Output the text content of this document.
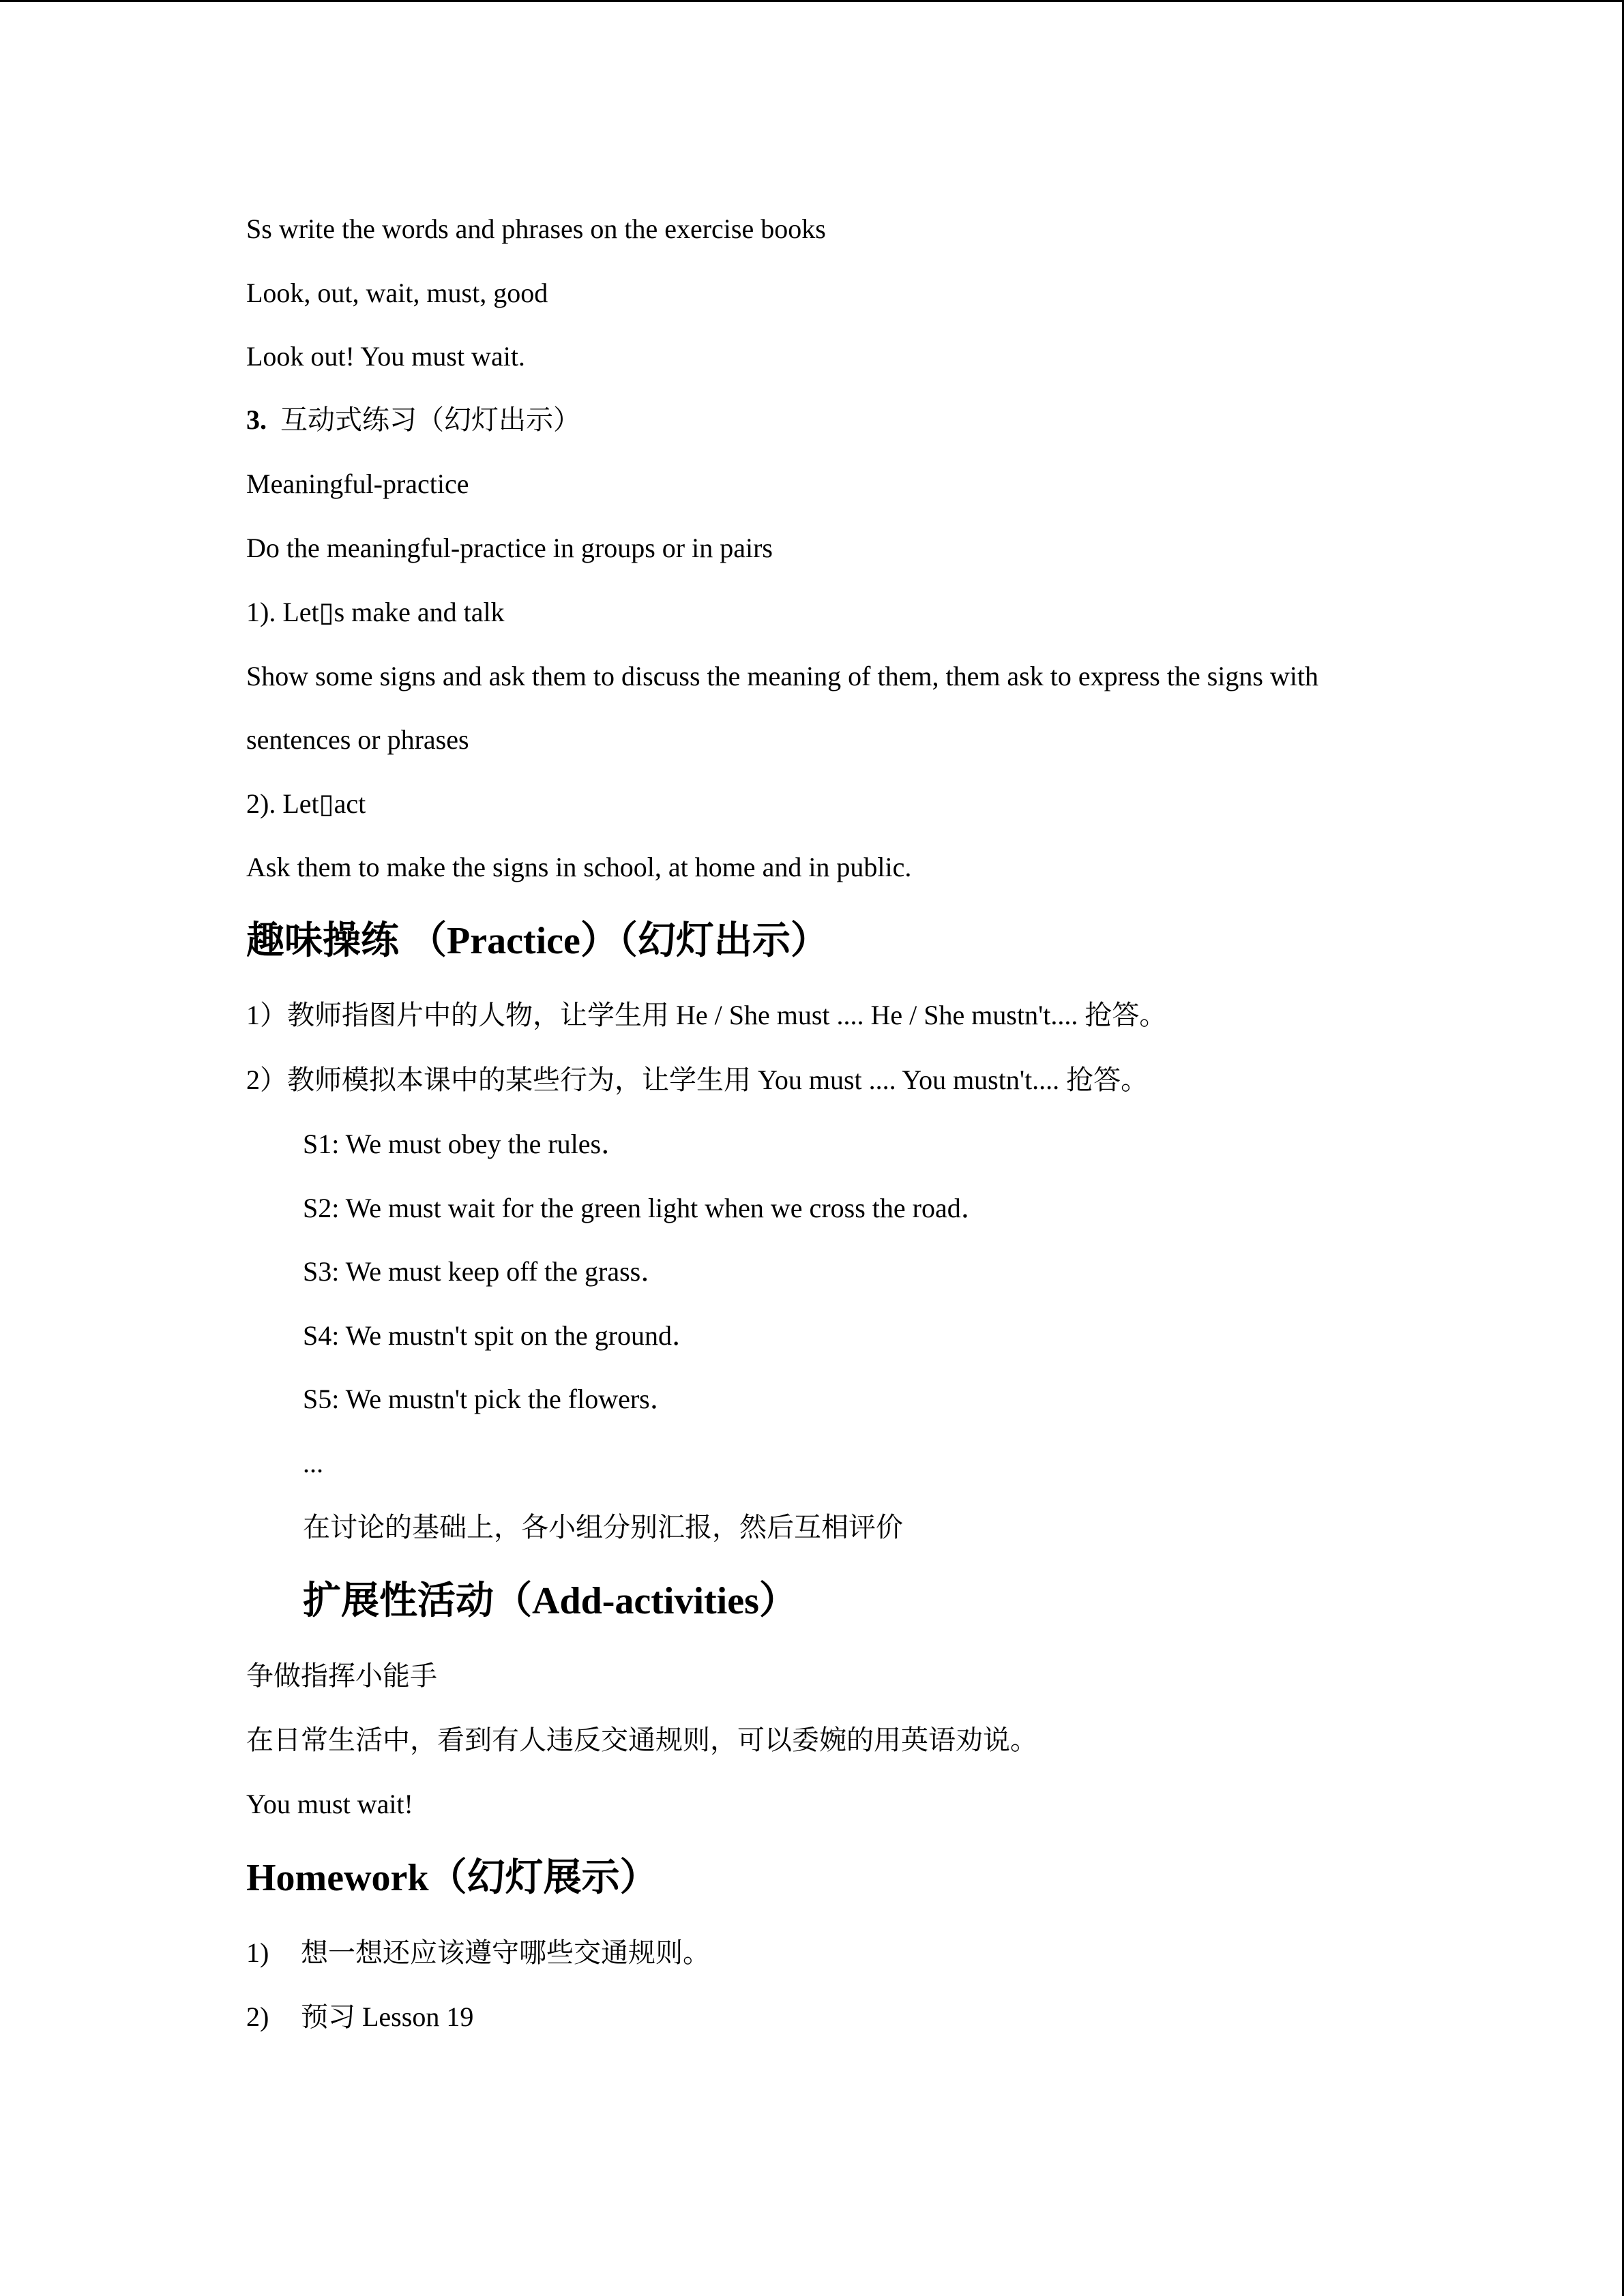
Ss write the words and phrases on the exercise books
Look, out, wait, must, good
Look out! You must wait.
3. 互动式练习（幻灯出示）
Meaningful-practice
Do the meaningful-practice in groups or in pairs
1). Let▯s make and talk
Show some signs and ask them to discuss the meaning of them, them ask to express the signs with
sentences or phrases
2). Let▯act
Ask them to make the signs in school, at home and in public.
趣味操练 （Practice）（幻灯出示）
1）教师指图片中的人物，让学生用 He / She must .... He / She mustn't.... 抢答。
2）教师模拟本课中的某些行为，让学生用 You must .... You mustn't.... 抢答。
S1: We must obey the rules．
S2: We must wait for the green light when we cross the road．
S3: We must keep off the grass．
S4: We mustn't spit on the ground．
S5: We mustn't pick the flowers．
...
在讨论的基础上，各小组分别汇报，然后互相评价
扩展性活动（Add-activities）
争做指挥小能手
在日常生活中，看到有人违反交通规则，可以委婉的用英语劝说。
You must wait!
Homework（幻灯展示）
1) 想一想还应该遵守哪些交通规则。
2) 预习 Lesson 19
